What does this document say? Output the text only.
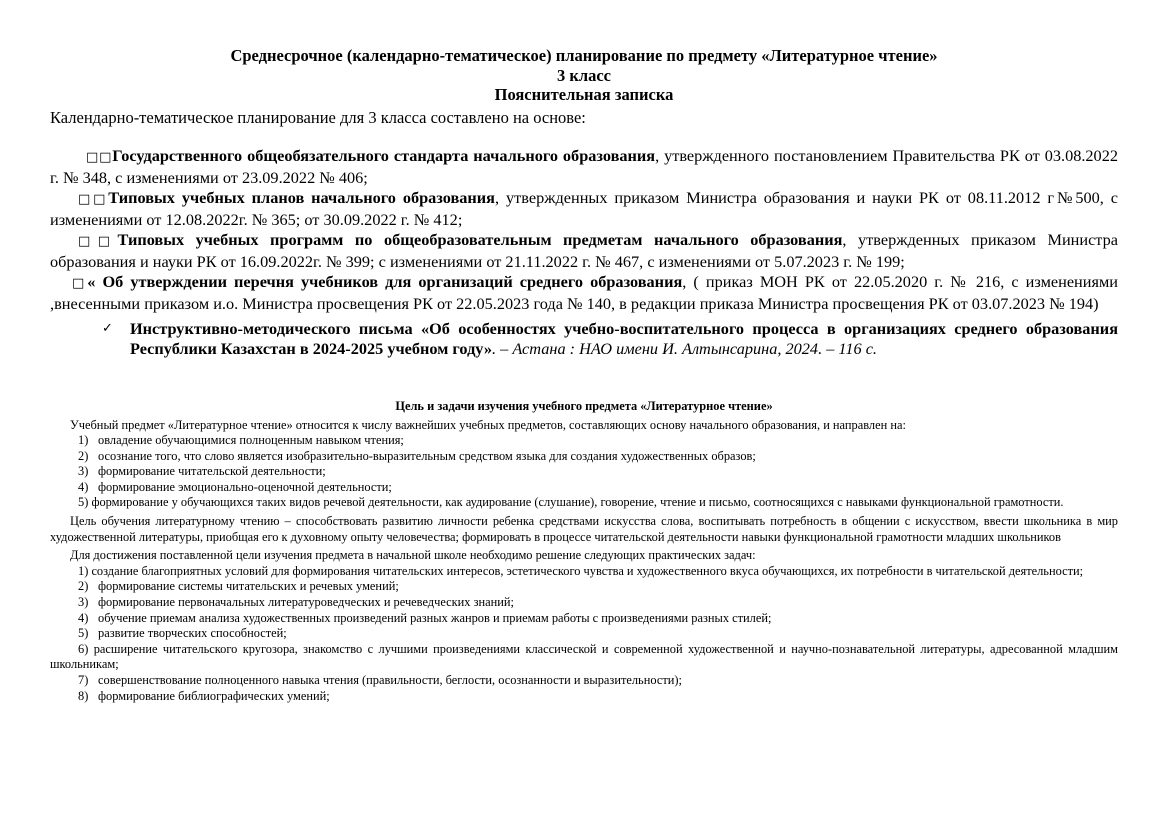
Среднесрочное (календарно-тематическое) планирование по предмету «Литературное чтение»
3 класс
Пояснительная записка
Календарно-тематическое планирование для 3 класса составлено на основе:
□□Государственного общеобязательного стандарта начального образования, утвержденного постановлением Правительства РК от 03.08.2022 г. № 348, с изменениями от 23.09.2022 № 406;
□□Типовых учебных планов начального образования, утвержденных приказом Министра образования и науки РК от 08.11.2012 г№500, с изменениями от 12.08.2022г. № 365; от 30.09.2022 г. № 412;
□□Типовых учебных программ по общеобразовательным предметам начального образования, утвержденных приказом Министра образования и науки РК от 16.09.2022г. № 399; с изменениями от 21.11.2022 г. № 467, с изменениями от 5.07.2023 г. № 199;
□« Об утверждении перечня учебников для организаций среднего образования, ( приказ МОН РК от 22.05.2020 г. № 216, с изменениями ,внесенными приказом и.о. Министра просвещения РК от 22.05.2023 года № 140, в редакции приказа Министра просвещения РК от 03.07.2023 № 194)
✓ Инструктивно-методического письма «Об особенностях учебно-воспитательного процесса в организациях среднего образования Республики Казахстан в 2024-2025 учебном году». – Астана : НАО имени И. Алтынсарина, 2024. – 116 с.
Цель и задачи изучения учебного предмета «Литературное чтение»
Учебный предмет «Литературное чтение» относится к числу важнейших учебных предметов, составляющих основу начального образования, и направлен на:
1) овладение обучающимися полноценным навыком чтения;
2) осознание того, что слово является изобразительно-выразительным средством языка для создания художественных образов;
3) формирование читательской деятельности;
4) формирование эмоционально-оценочной деятельности;
5) формирование у обучающихся таких видов речевой деятельности, как аудирование (слушание), говорение, чтение и письмо, соотносящихся с навыками функциональной грамотности.
Цель обучения литературному чтению – способствовать развитию личности ребенка средствами искусства слова, воспитывать потребность в общении с искусством, ввести школьника в мир художественной литературы, приобщая его к духовному опыту человечества; формировать в процессе читательской деятельности навыки функциональной грамотности младших школьников
Для достижения поставленной цели изучения предмета в начальной школе необходимо решение следующих практических задач:
1) создание благоприятных условий для формирования читательских интересов, эстетического чувства и художественного вкуса обучающихся, их потребности в читательской деятельности;
2) формирование системы читательских и речевых умений;
3) формирование первоначальных литературоведческих и речеведческих знаний;
4) обучение приемам анализа художественных произведений разных жанров и приемам работы с произведениями разных стилей;
5) развитие творческих способностей;
6) расширение читательского кругозора, знакомство с лучшими произведениями классической и современной художественной и научно-познавательной литературы, адресованной младшим школьникам;
7) совершенствование полноценного навыка чтения (правильности, беглости, осознанности и выразительности);
8) формирование библиографических умений;
